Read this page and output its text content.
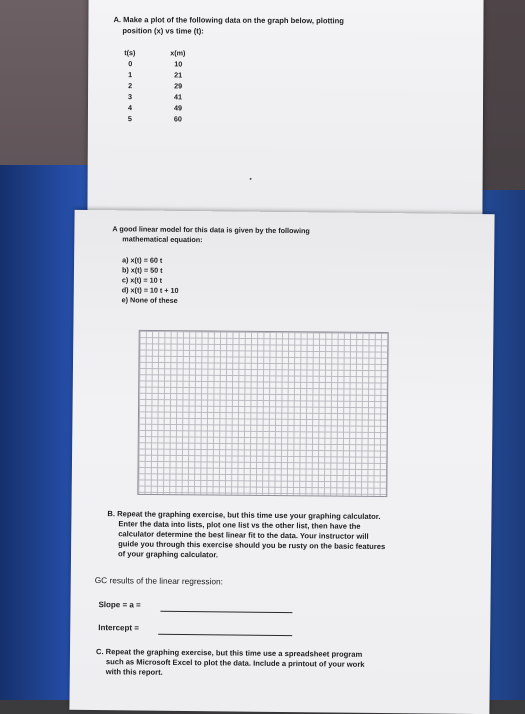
A. Make a plot of the following data on the graph below, plotting
position (x) vs time (t):
t(s)	x(m)
0
1
2
3
4
5
10
21
29
41
49
60
A good linear model for this data is given by the following
mathematical equation:
a) x(t) = 60 t
b) x(t) = 50 t
c) x(t) = 10 t
d) x(t) = 10 t + 10
e) None of these
B. Repeat the graphing exercise, but this time use your graphing calculator.
Enter the data into lists, plot one list vs the other list, then have the
calculator determine the best linear fit to the data. Your instructor will
guide you through this exercise should you be rusty on the basic features
of your graphing calculator.
GC results of the linear regression:
Slope = a =
Intercept =
C. Repeat the graphing exercise, but this time use a spreadsheet program
such as Microsoft Excel to plot the data. Include a printout of your work
with this report.
